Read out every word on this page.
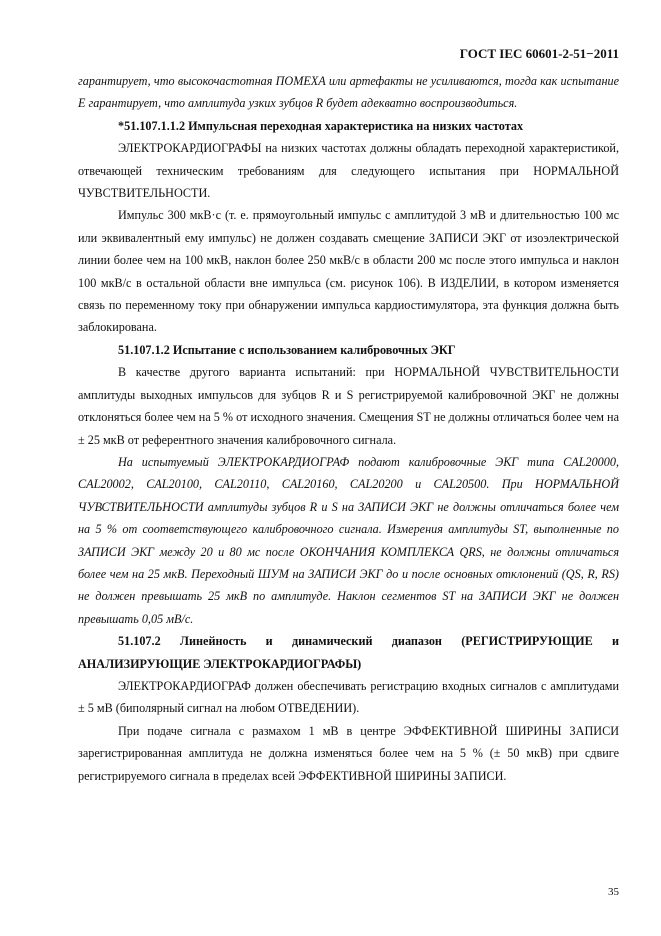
ГОСТ IEC 60601-2-51−2011

гарантирует, что высокочастотная ПОМЕХА или артефакты не усиливаются, тогда как испытание E гарантирует, что амплитуда узких зубцов R будет адекватно воспроизводиться.

*51.107.1.1.2 Импульсная переходная характеристика на низких частотах

ЭЛЕКТРОКАРДИОГРАФЫ на низких частотах должны обладать переходной характеристикой, отвечающей техническим требованиям для следующего испытания при НОРМАЛЬНОЙ ЧУВСТВИТЕЛЬНОСТИ.

Импульс 300 мкВ·с (т. е. прямоугольный импульс с амплитудой 3 мВ и длительностью 100 мс или эквивалентный ему импульс) не должен создавать смещение ЗАПИСИ ЭКГ от изоэлектрической линии более чем на 100 мкВ, наклон более 250 мкВ/с в области 200 мс после этого импульса и наклон 100 мкВ/с в остальной области вне импульса (см. рисунок 106). В ИЗДЕЛИИ, в котором изменяется связь по переменному току при обнаружении импульса кардиостимулятора, эта функция должна быть заблокирована.

51.107.1.2 Испытание с использованием калибровочных ЭКГ

В качестве другого варианта испытаний: при НОРМАЛЬНОЙ ЧУВСТВИТЕЛЬНОСТИ амплитуды выходных импульсов для зубцов R и S регистрируемой калибровочной ЭКГ не должны отклоняться более чем на 5 % от исходного значения. Смещения ST не должны отличаться более чем на ± 25 мкВ от референтного значения калибровочного сигнала.

На испытуемый ЭЛЕКТРОКАРДИОГРАФ подают калибровочные ЭКГ типа CAL20000, CAL20002, CAL20100, CAL20110, CAL20160, CAL20200 и CAL20500. При НОРМАЛЬНОЙ ЧУВСТВИТЕЛЬНОСТИ амплитуды зубцов R и S на ЗАПИСИ ЭКГ не должны отличаться более чем на 5 % от соответствующего калибровочного сигнала. Измерения амплитуды ST, выполненные по ЗАПИСИ ЭКГ между 20 и 80 мс после ОКОНЧАНИЯ КОМПЛЕКСА QRS, не должны отличаться более чем на 25 мкВ. Переходный ШУМ на ЗАПИСИ ЭКГ до и после основных отклонений (QS, R, RS) не должен превышать 25 мкВ по амплитуде. Наклон сегментов ST на ЗАПИСИ ЭКГ не должен превышать 0,05 мВ/с.

51.107.2 Линейность и динамический диапазон (РЕГИСТРИРУЮЩИЕ и АНАЛИЗИРУЮЩИЕ ЭЛЕКТРОКАРДИОГРАФЫ)

ЭЛЕКТРОКАРДИОГРАФ должен обеспечивать регистрацию входных сигналов с амплитудами ± 5 мВ (биполярный сигнал на любом ОТВЕДЕНИИ).

При подаче сигнала с размахом 1 мВ в центре ЭФФЕКТИВНОЙ ШИРИНЫ ЗАПИСИ зарегистрированная амплитуда не должна изменяться более чем на 5 % (± 50 мкВ) при сдвиге регистрируемого сигнала в пределах всей ЭФФЕКТИВНОЙ ШИРИНЫ ЗАПИСИ.

35
